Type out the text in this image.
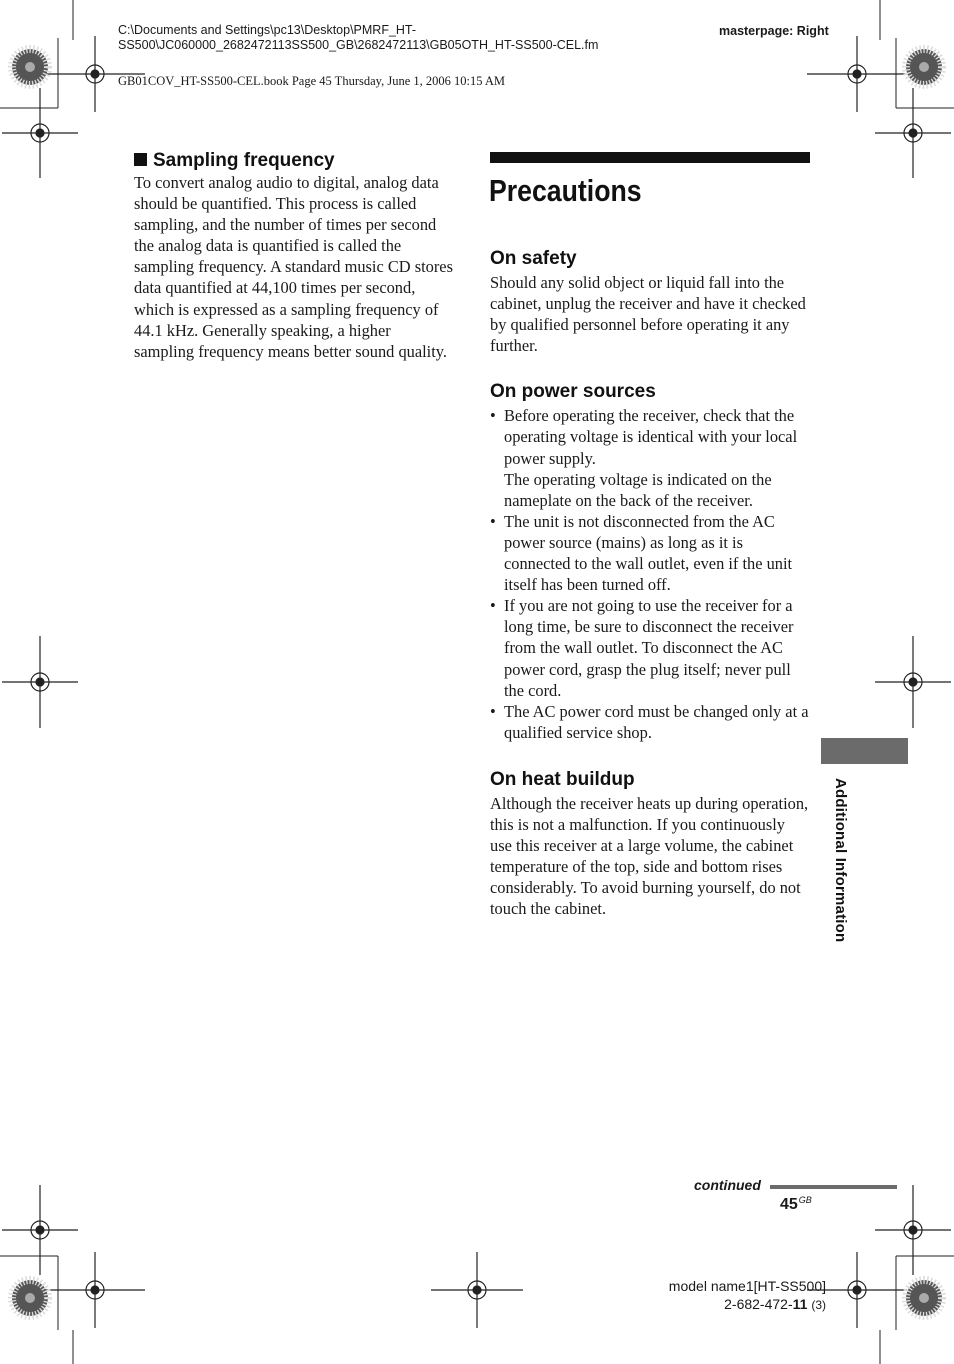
C:\Documents and Settings\pc13\Desktop\PMRF_HT-
SS500\JC060000_2682472113SS500_GB\2682472113\GB05OTH_HT-SS500-CEL.fm
masterpage: Right
GB01COV_HT-SS500-CEL.book Page 45 Thursday, June 1, 2006 10:15 AM
Sampling frequency

To convert analog audio to digital, analog data should be quantified. This process is called sampling, and the number of times per second the analog data is quantified is called the sampling frequency. A standard music CD stores data quantified at 44,100 times per second, which is expressed as a sampling frequency of 44.1 kHz. Generally speaking, a higher sampling frequency means better sound quality.

Precautions
On safety

Should any solid object or liquid fall into the cabinet, unplug the receiver and have it checked by qualified personnel before operating it any further.

On power sources
• Before operating the receiver, check that the operating voltage is identical with your local power supply.
The operating voltage is indicated on the nameplate on the back of the receiver.
• The unit is not disconnected from the AC power source (mains) as long as it is connected to the wall outlet, even if the unit itself has been turned off.
• If you are not going to use the receiver for a long time, be sure to disconnect the receiver from the wall outlet. To disconnect the AC power cord, grasp the plug itself; never pull the cord.
• The AC power cord must be changed only at a qualified service shop.
On heat buildup

Although the receiver heats up during operation, this is not a malfunction. If you continuously use this receiver at a large volume, the cabinet temperature of the top, side and bottom rises considerably. To avoid burning yourself, do not touch the cabinet.	Additional Information
continued
$45^{GB}$
model name1[HT-SS500]
2-682-472-11 (3)
